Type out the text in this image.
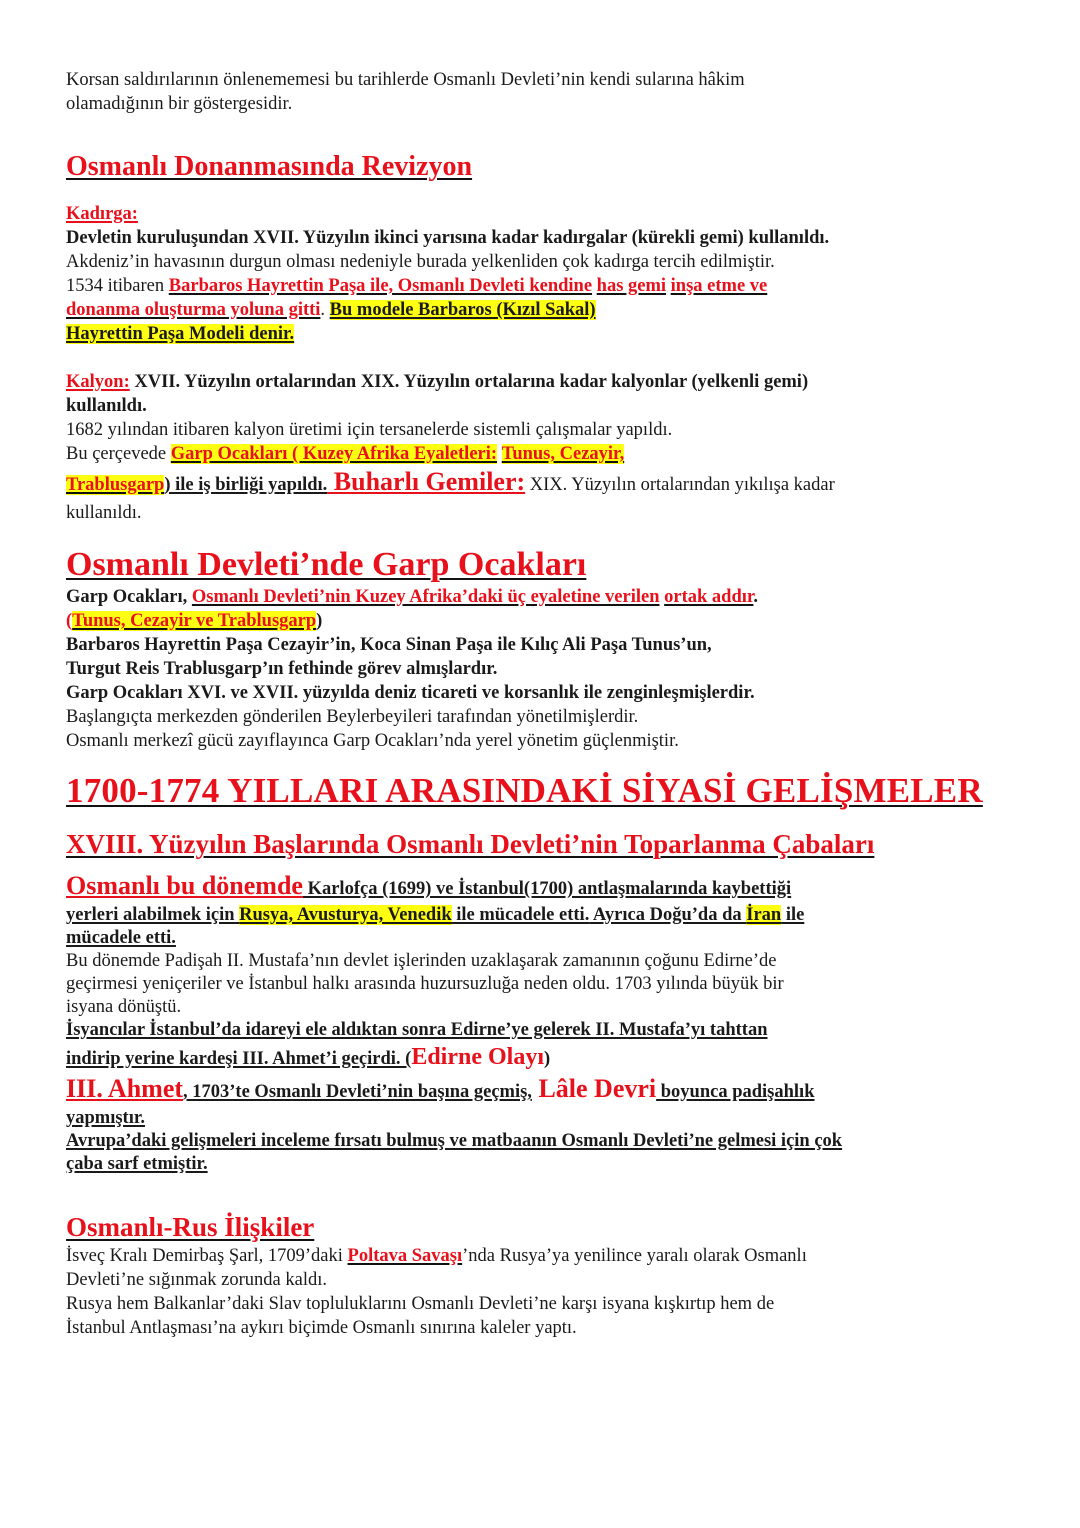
Korsan saldırılarının önlenememesi bu tarihlerde Osmanlı Devleti’nin kendi sularına hâkim
olamadığının bir göstergesidir.

Osmanlı Donanmasında Revizyon

Kadırga:
Devletin kuruluşundan XVII. Yüzyılın ikinci yarısına kadar kadırgalar (kürekli gemi) kullanıldı.
Akdeniz’in havasının durgun olması nedeniyle burada yelkenliden çok kadırga tercih edilmiştir.
1534 itibaren Barbaros Hayrettin Paşa ile, Osmanlı Devleti kendine has gemi inşa etme ve
donanma oluşturma yoluna gitti. Bu modele Barbaros (Kızıl Sakal)
Hayrettin Paşa Modeli denir.

Kalyon: XVII. Yüzyılın ortalarından XIX. Yüzyılın ortalarına kadar kalyonlar (yelkenli gemi)
kullanıldı.
1682 yılından itibaren kalyon üretimi için tersanelerde sistemli çalışmalar yapıldı.
Bu çerçevede Garp Ocakları ( Kuzey Afrika Eyaletleri: Tunus, Cezayir,
Trablusgarp) ile iş birliği yapıldı. Buharlı Gemiler: XIX. Yüzyılın ortalarından yıkılışa kadar
kullanıldı.

Osmanlı Devleti’nde Garp Ocakları

Garp Ocakları, Osmanlı Devleti’nin Kuzey Afrika’daki üç eyaletine verilen ortak addır.
(Tunus, Cezayir ve Trablusgarp)
Barbaros Hayrettin Paşa Cezayir’in, Koca Sinan Paşa ile Kılıç Ali Paşa Tunus’un,
Turgut Reis Trablusgarp’ın fethinde görev almışlardır.
Garp Ocakları XVI. ve XVII. yüzyılda deniz ticareti ve korsanlık ile zenginleşmişlerdir.
Başlangıçta merkezden gönderilen Beylerbeyileri tarafından yönetilmişlerdir.
Osmanlı merkezî gücü zayıflayınca Garp Ocakları’nda yerel yönetim güçlenmiştir.

1700-1774 YILLARI ARASINDAKİ SİYASİ GELİŞMELER

XVIII. Yüzyılın Başlarında Osmanlı Devleti’nin Toparlanma Çabaları

Osmanlı bu dönemde Karlofça (1699) ve İstanbul(1700) antlaşmalarında kaybettiği
yerleri alabilmek için Rusya, Avusturya, Venedik ile mücadele etti. Ayrıca Doğu’da da İran ile
mücadele etti.
Bu dönemde Padişah II. Mustafa’nın devlet işlerinden uzaklaşarak zamanının çoğunu Edirne’de
geçirmesi yeniçeriler ve İstanbul halkı arasında huzursuzluğa neden oldu. 1703 yılında büyük bir
isyana dönüştü.
İsyancılar İstanbul’da idareyi ele aldıktan sonra Edirne’ye gelerek II. Mustafa’yı tahttan
indirip yerine kardeşi III. Ahmet’i geçirdi. (Edirne Olayı)
III. Ahmet, 1703’te Osmanlı Devleti’nin başına geçmiş, Lâle Devri boyunca padişahlık
yapmıştır.
Avrupa’daki gelişmeleri inceleme fırsatı bulmuş ve matbaanın Osmanlı Devleti’ne gelmesi için çok
çaba sarf etmiştir.

Osmanlı-Rus İlişkiler

İsveç Kralı Demirbaş Şarl, 1709’daki Poltava Savaşı’nda Rusya’ya yenilince yaralı olarak Osmanlı
Devleti’ne sığınmak zorunda kaldı.
Rusya hem Balkanlar’daki Slav topluluklarını Osmanlı Devleti’ne karşı isyana kışkırtıp hem de
İstanbul Antlaşması’na aykırı biçimde Osmanlı sınırına kaleler yaptı.
